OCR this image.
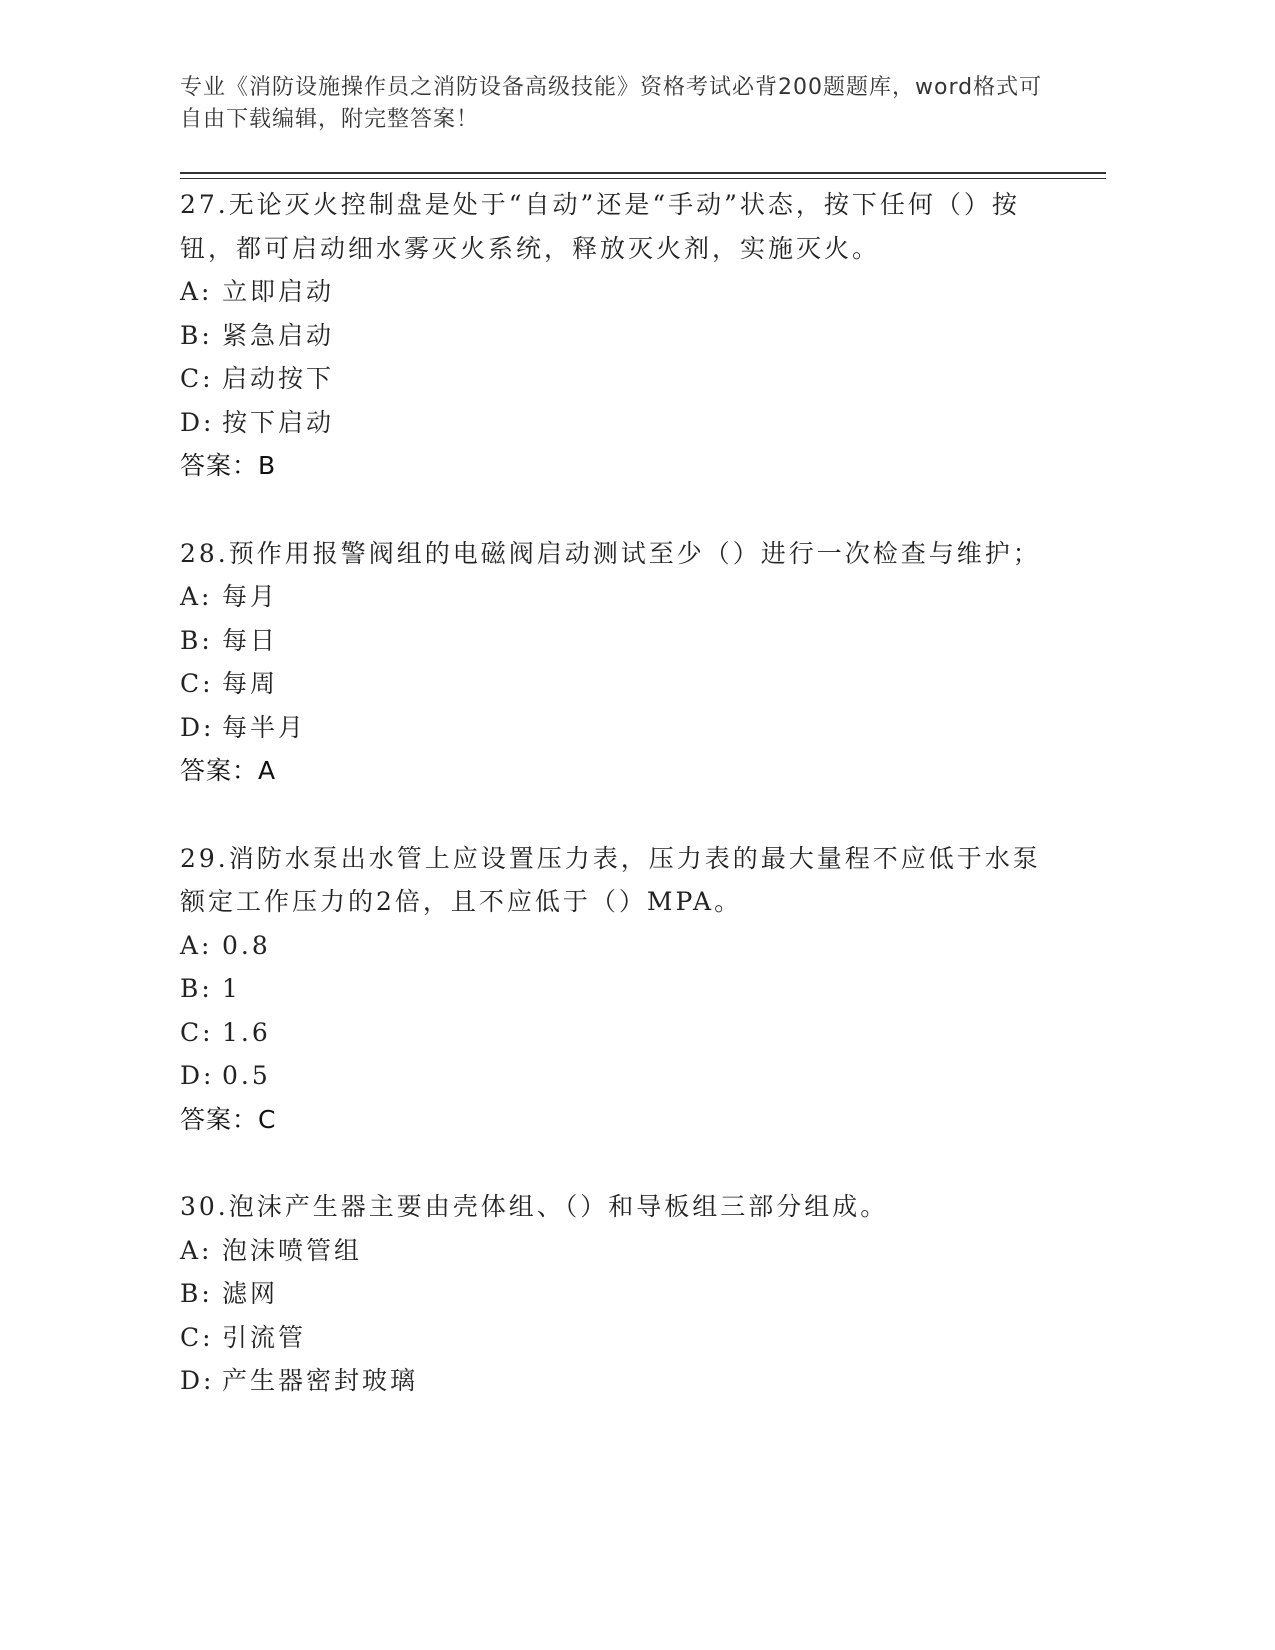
专业《消防设施操作员之消防设备高级技能》资格考试必背200题题库，word格式可自由下载编辑，附完整答案！
27.无论灭火控制盘是处于“自动”还是“手动”状态，按下任何（）按钮，都可启动细水雾灭火系统，释放灭火剂，实施灭火。
A: 立即启动
B: 紧急启动
C: 启动按下
D: 按下启动
答案：B
28.预作用报警阀组的电磁阀启动测试至少（）进行一次检查与维护；
A: 每月
B: 每日
C: 每周
D: 每半月
答案：A
29.消防水泵出水管上应设置压力表，压力表的最大量程不应低于水泵额定工作压力的2倍，且不应低于（）MPA。
A: 0.8
B: 1
C: 1.6
D: 0.5
答案：C
30.泡沫产生器主要由壳体组、（）和导板组三部分组成。
A: 泡沫喷管组
B: 滤网
C: 引流管
D: 产生器密封玻璃
